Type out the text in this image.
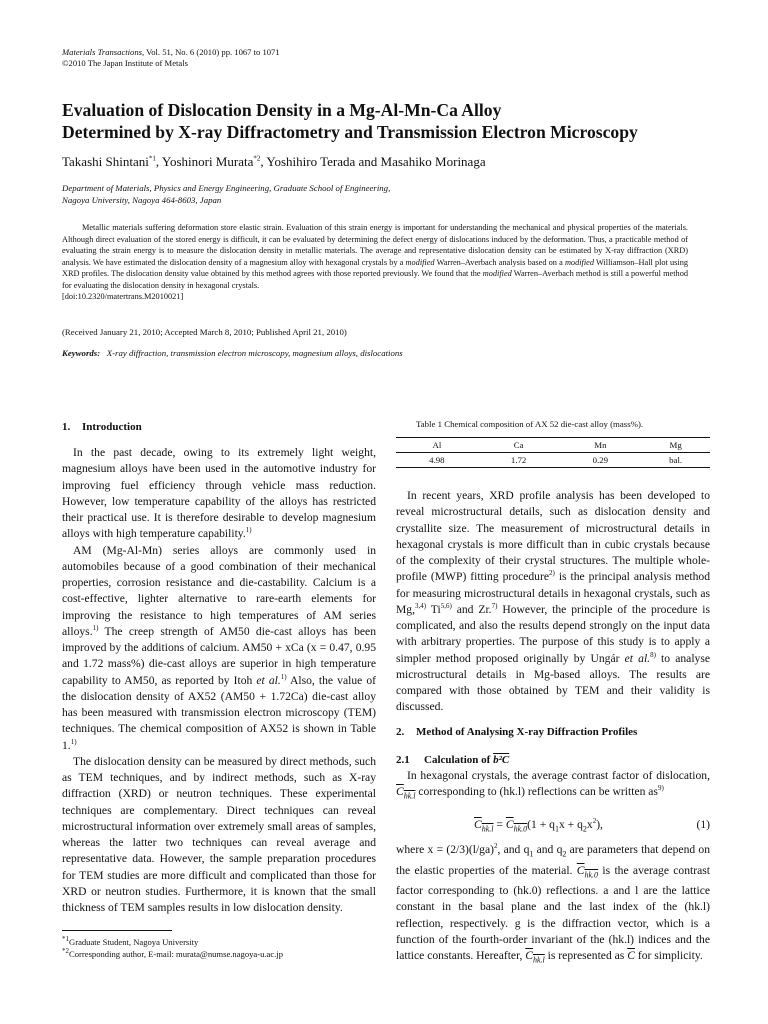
Materials Transactions, Vol. 51, No. 6 (2010) pp. 1067 to 1071
©2010 The Japan Institute of Metals
Evaluation of Dislocation Density in a Mg-Al-Mn-Ca Alloy
Determined by X-ray Diffractometry and Transmission Electron Microscopy
Takashi Shintani$^{*1}$, Yoshinori Murata$^{*2}$, Yoshihiro Terada and Masahiko Morinaga
Department of Materials, Physics and Energy Engineering, Graduate School of Engineering,
Nagoya University, Nagoya 464-8603, Japan
Metallic materials suffering deformation store elastic strain. Evaluation of this strain energy is important for understanding the mechanical and physical properties of the materials. Although direct evaluation of the stored energy is difficult, it can be evaluated by determining the defect energy of dislocations induced by the deformation. Thus, a practicable method of evaluating the strain energy is to measure the dislocation density in metallic materials. The average and representative dislocation density can be estimated by X-ray diffraction (XRD) analysis. We have estimated the dislocation density of a magnesium alloy with hexagonal crystals by a modified Warren–Averbach analysis based on a modified Williamson–Hall plot using XRD profiles. The dislocation density value obtained by this method agrees with those reported previously. We found that the modified Warren–Averbach method is still a powerful method for evaluating the dislocation density in hexagonal crystals.
[doi:10.2320/matertrans.M2010021]
(Received January 21, 2010; Accepted March 8, 2010; Published April 21, 2010)
Keywords: X-ray diffraction, transmission electron microscopy, magnesium alloys, dislocations
1. Introduction

In the past decade, owing to its extremely light weight, magnesium alloys have been used in the automotive industry for improving fuel efficiency through vehicle mass reduction. However, low temperature capability of the alloys has restricted their practical use. It is therefore desirable to develop magnesium alloys with high temperature capability.$^{1)}$

AM (Mg-Al-Mn) series alloys are commonly used in automobiles because of a good combination of their mechanical properties, corrosion resistance and die-castability. Calcium is a cost-effective, lighter alternative to rare-earth elements for improving the resistance to high temperatures of AM series alloys.$^{1)}$ The creep strength of AM50 die-cast alloys has been improved by the additions of calcium. AM50 + xCa (x = 0.47, 0.95 and 1.72 mass%) die-cast alloys are superior in high temperature capability to AM50, as reported by Itoh et al.$^{1)}$ Also, the value of the dislocation density of AX52 (AM50 + 1.72Ca) die-cast alloy has been measured with transmission electron microscopy (TEM) techniques. The chemical composition of AX52 is shown in Table 1.$^{1)}$

The dislocation density can be measured by direct methods, such as TEM techniques, and by indirect methods, such as X-ray diffraction (XRD) or neutron techniques. These experimental techniques are complementary. Direct techniques can reveal microstructural information over extremely small areas of samples, whereas the latter two techniques can reveal average and representative data. However, the sample preparation procedures for TEM studies are more difficult and complicated than those for XRD or neutron studies. Furthermore, it is known that the small thickness of TEM samples results in low dislocation density.

Table 1 Chemical composition of AX 52 die-cast alloy (mass%).
Al	Ca	Mn	Mg
4.98	1.72	0.29	bal.

In recent years, XRD profile analysis has been developed to reveal microstructural details, such as dislocation density and crystallite size. The measurement of microstructural details in hexagonal crystals is more difficult than in cubic crystals because of the complexity of their crystal structures. The multiple whole-profile (MWP) fitting procedure$^{2)}$ is the principal analysis method for measuring microstructural details in hexagonal crystals, such as Mg,$^{3,4)}$ Ti$^{5,6)}$ and Zr.$^{7)}$ However, the principle of the procedure is complicated, and also the results depend strongly on the input data with arbitrary properties. The purpose of this study is to apply a simpler method proposed originally by Ungár et al.$^{8)}$ to analyse microstructural details in Mg-based alloys. The results are compared with those obtained by TEM and their validity is discussed.

2. Method of Analysing X-ray Diffraction Profiles
2.1 Calculation of b²C

In hexagonal crystals, the average contrast factor of dislocation, $C_{hk.l}$ corresponding to (hk.l) reflections can be written $as^{9)}$

$C_{hk.l} = C_{hk.0}(1 + q_1x + q_2x^2)$,	(1)

where $x = (2/3)(l/ga)^2$, and $q_1$ and $q_2$ are parameters that depend on the elastic properties of the material. $C_{hk.0}$ is the average contrast factor corresponding to (hk.0) reflections. a and l are the lattice constant in the basal plane and the last index of the (hk.l) reflection, respectively. g is the diffraction vector, which is a function of the fourth-order invariant of the (hk.l) indices and the lattice constants. Hereafter, $C_{hk.l}$ is represented as $\overline{C}$ for simplicity.

$^{*1}$Graduate Student, Nagoya University
$^{*2}$Corresponding author, E-mail: murata@numse.nagoya-u.ac.jp
